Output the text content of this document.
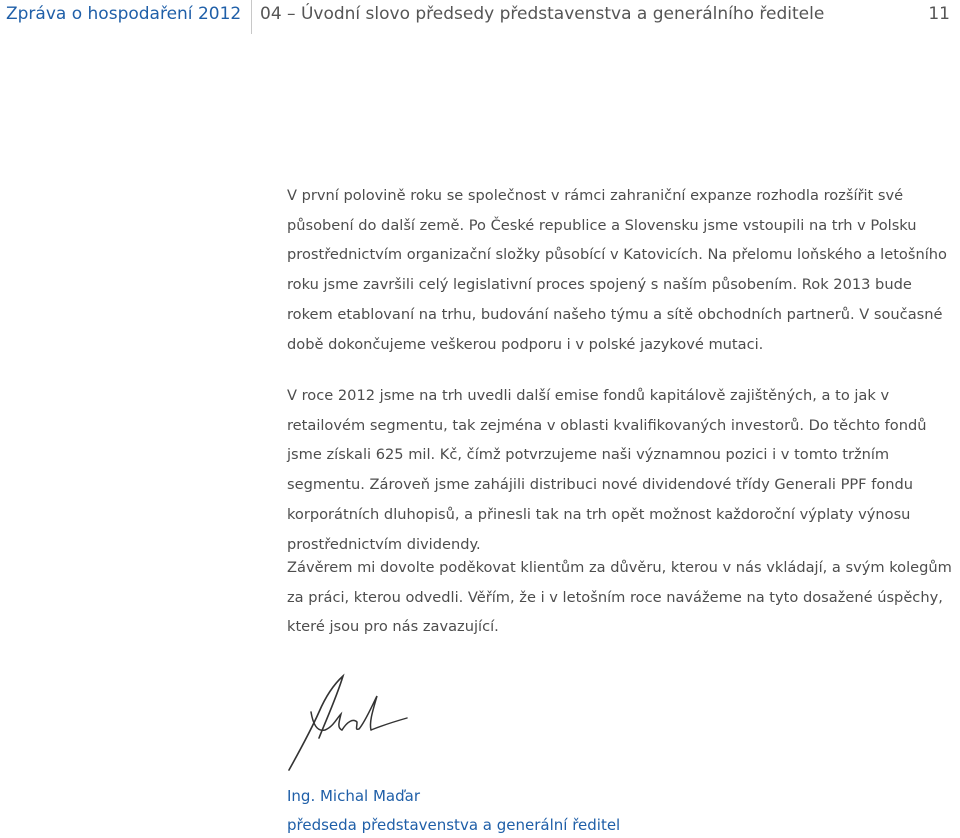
Zpráva o hospodaření 2012 04 – Úvodní slovo předsedy představenstva a generálního ředitele	11

V první polovině roku se společnost v rámci zahraniční expanze rozhodla rozšířit své působení do další země. Po České republice a Slovensku jsme vstoupili na trh v Polsku prostřednictvím organizační složky působící v Katovicích. Na přelomu loňského a letošního roku jsme završili celý legislativní proces spojený s naším působením. Rok 2013 bude rokem etablovaní na trhu, budování našeho týmu a sítě obchodních partnerů. V současné době dokončujeme veškerou podporu i v polské jazykové mutaci.

V roce 2012 jsme na trh uvedli další emise fondů kapitálově zajištěných, a to jak v retailovém segmentu, tak zejména v oblasti kvalifikovaných investorů. Do těchto fondů jsme získali 625 mil. Kč, čímž potvrzujeme naši významnou pozici i v tomto tržním segmentu. Zároveň jsme zahájili distribuci nové dividendové třídy Generali PPF fondu korporátních dluhopisů, a přinesli tak na trh opět možnost každoroční výplaty výnosu prostřednictvím dividendy.

Závěrem mi dovolte poděkovat klientům za důvěru, kterou v nás vkládají, a svým kolegům za práci, kterou odvedli. Věřím, že i v letošním roce navážeme na tyto dosažené úspěchy, které jsou pro nás zavazující.

Ing. Michal Maďar
předseda představenstva a generální ředitel
